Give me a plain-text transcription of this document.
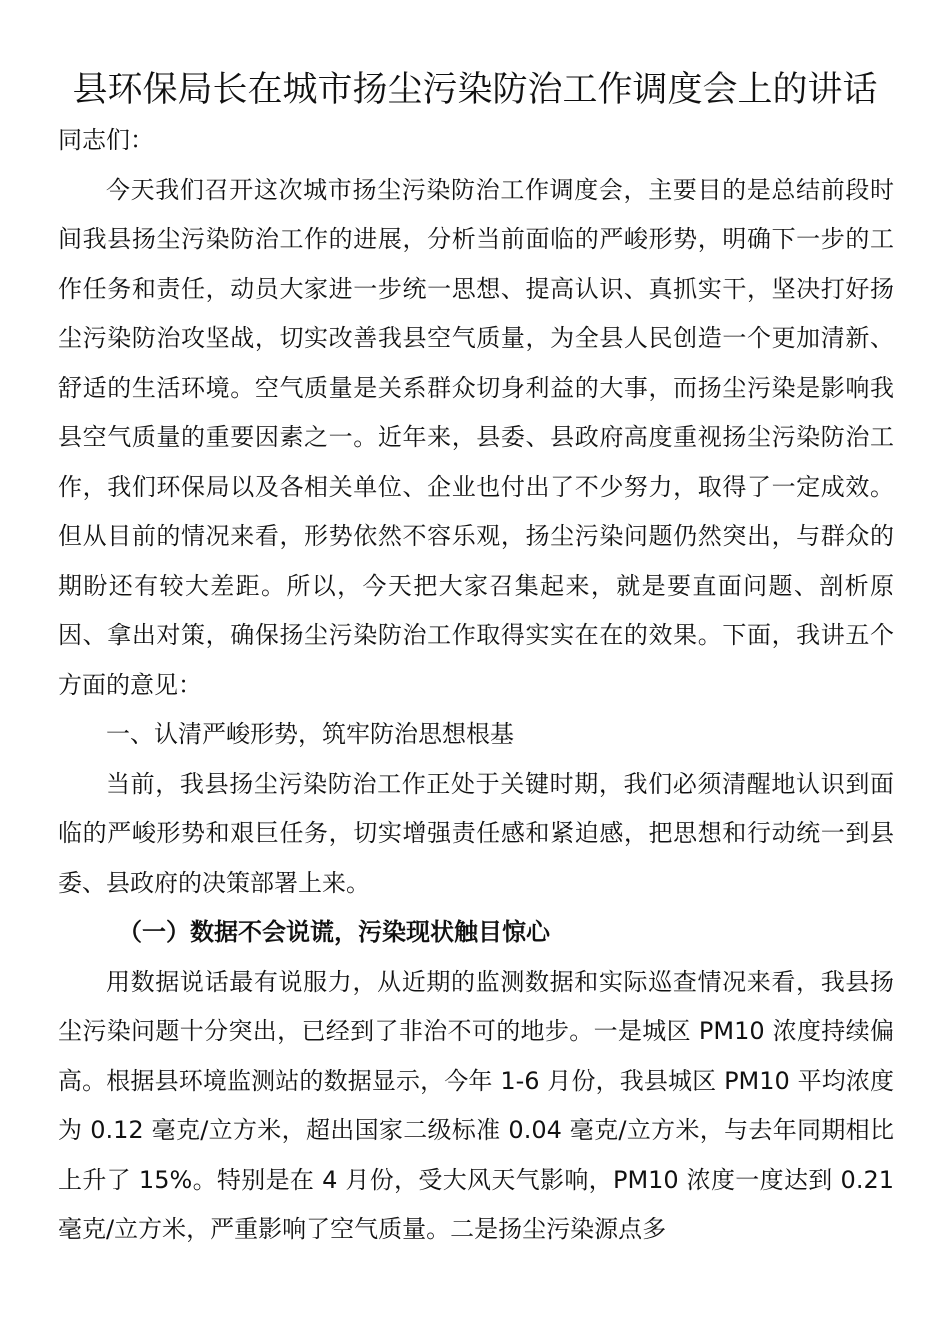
县环保局长在城市扬尘污染防治工作调度会上的讲话

同志们：

今天我们召开这次城市扬尘污染防治工作调度会，主要目的是总结前段时间我县扬尘污染防治工作的进展，分析当前面临的严峻形势，明确下一步的工作任务和责任，动员大家进一步统一思想、提高认识、真抓实干，坚决打好扬尘污染防治攻坚战，切实改善我县空气质量，为全县人民创造一个更加清新、舒适的生活环境。空气质量是关系群众切身利益的大事，而扬尘污染是影响我县空气质量的重要因素之一。近年来，县委、县政府高度重视扬尘污染防治工作，我们环保局以及各相关单位、企业也付出了不少努力，取得了一定成效。但从目前的情况来看，形势依然不容乐观，扬尘污染问题仍然突出，与群众的期盼还有较大差距。所以，今天把大家召集起来，就是要直面问题、剖析原因、拿出对策，确保扬尘污染防治工作取得实实在在的效果。下面，我讲五个方面的意见：

一、认清严峻形势，筑牢防治思想根基

当前，我县扬尘污染防治工作正处于关键时期，我们必须清醒地认识到面临的严峻形势和艰巨任务，切实增强责任感和紧迫感，把思想和行动统一到县委、县政府的决策部署上来。

（一）数据不会说谎，污染现状触目惊心

用数据说话最有说服力，从近期的监测数据和实际巡查情况来看，我县扬尘污染问题十分突出，已经到了非治不可的地步。一是城区 PM10 浓度持续偏高。根据县环境监测站的数据显示，今年 1-6 月份，我县城区 PM10 平均浓度为 0.12 毫克/立方米，超出国家二级标准 0.04 毫克/立方米，与去年同期相比上升了 15%。特别是在 4 月份，受大风天气影响，PM10 浓度一度达到 0.21 毫克/立方米，严重影响了空气质量。二是扬尘污染源点多
